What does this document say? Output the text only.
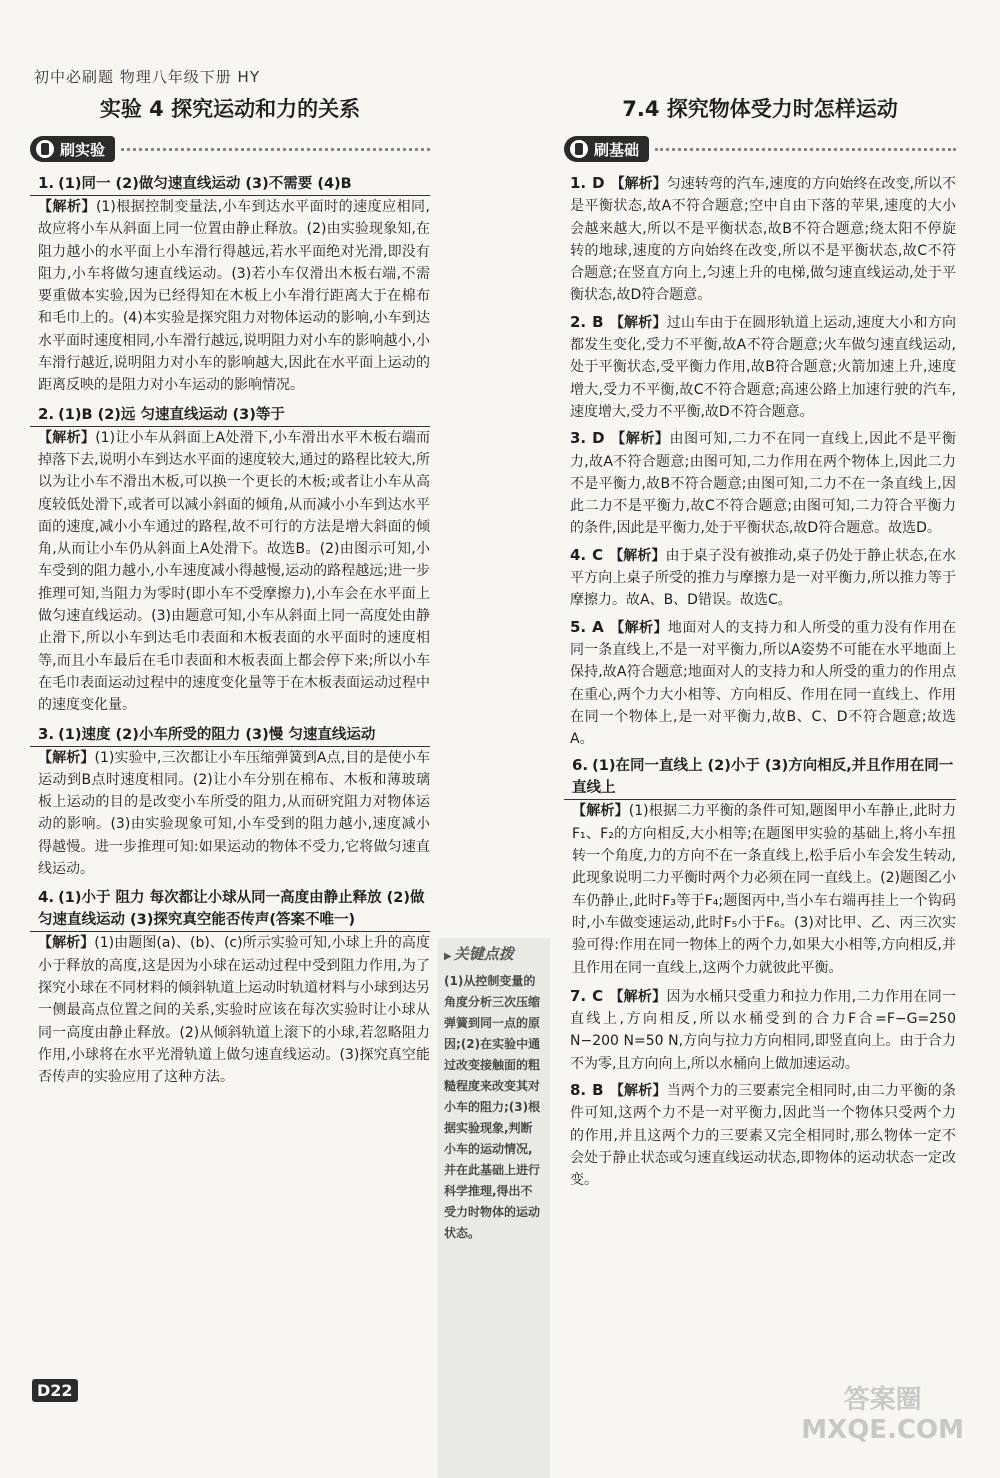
初中必刷题 物理八年级下册 HY
实验 4 探究运动和力的关系
刷实验
1. (1)同一 (2)做匀速直线运动 (3)不需要 (4)B
【解析】(1)根据控制变量法,小车到达水平面时的速度应相同,故应将小车从斜面上同一位置由静止释放。(2)由实验现象知,在阻力越小的水平面上小车滑行得越远,若水平面绝对光滑,即没有阻力,小车将做匀速直线运动。(3)若小车仅滑出木板右端,不需要重做本实验,因为已经得知在木板上小车滑行距离大于在棉布和毛巾上的。(4)本实验是探究阻力对物体运动的影响,小车到达水平面时速度相同,小车滑行越远,说明阻力对小车的影响越小,小车滑行越近,说明阻力对小车的影响越大,因此在水平面上运动的距离反映的是阻力对小车运动的影响情况。
2. (1)B (2)远 匀速直线运动 (3)等于
【解析】(1)让小车从斜面上A处滑下,小车滑出水平木板右端而掉落下去,说明小车到达水平面的速度较大,通过的路程比较大,所以为让小车不滑出木板,可以换一个更长的木板;或者让小车从高度较低处滑下,或者可以减小斜面的倾角,从而减小小车到达水平面的速度,减小小车通过的路程,故不可行的方法是增大斜面的倾角,从而让小车仍从斜面上A处滑下。故选B。(2)由图示可知,小车受到的阻力越小,小车速度减小得越慢,运动的路程越远;进一步推理可知,当阻力为零时(即小车不受摩擦力),小车会在水平面上做匀速直线运动。(3)由题意可知,小车从斜面上同一高度处由静止滑下,所以小车到达毛巾表面和木板表面的水平面时的速度相等,而且小车最后在毛巾表面和木板表面上都会停下来;所以小车在毛巾表面运动过程中的速度变化量等于在木板表面运动过程中的速度变化量。
3. (1)速度 (2)小车所受的阻力 (3)慢 匀速直线运动
【解析】(1)实验中,三次都让小车压缩弹簧到A点,目的是使小车运动到B点时速度相同。(2)让小车分别在棉布、木板和薄玻璃板上运动的目的是改变小车所受的阻力,从而研究阻力对物体运动的影响。(3)由实验现象可知,小车受到的阻力越小,速度减小得越慢。进一步推理可知:如果运动的物体不受力,它将做匀速直线运动。
4. (1)小于 阻力 每次都让小球从同一高度由静止释放 (2)做匀速直线运动 (3)探究真空能否传声(答案不唯一)
【解析】(1)由题图(a)、(b)、(c)所示实验可知,小球上升的高度小于释放的高度,这是因为小球在运动过程中受到阻力作用,为了探究小球在不同材料的倾斜轨道上运动时轨道材料与小球到达另一侧最高点位置之间的关系,实验时应该在每次实验时让小球从同一高度由静止释放。(2)从倾斜轨道上滚下的小球,若忽略阻力作用,小球将在水平光滑轨道上做匀速直线运动。(3)探究真空能否传声的实验应用了这种方法。
▶ 关键点拨
(1)从控制变量的角度分析三次压缩弹簧到同一点的原因;(2)在实验中通过改变接触面的粗糙程度来改变其对小车的阻力;(3)根据实验现象,判断小车的运动情况,并在此基础上进行科学推理,得出不受力时物体的运动状态。
7.4 探究物体受力时怎样运动
刷基础
1. D 【解析】匀速转弯的汽车,速度的方向始终在改变,所以不是平衡状态,故A不符合题意;空中自由下落的苹果,速度的大小会越来越大,所以不是平衡状态,故B不符合题意;绕太阳不停旋转的地球,速度的方向始终在改变,所以不是平衡状态,故C不符合题意;在竖直方向上,匀速上升的电梯,做匀速直线运动,处于平衡状态,故D符合题意。
2. B 【解析】过山车由于在圆形轨道上运动,速度大小和方向都发生变化,受力不平衡,故A不符合题意;火车做匀速直线运动,处于平衡状态,受平衡力作用,故B符合题意;火箭加速上升,速度增大,受力不平衡,故C不符合题意;高速公路上加速行驶的汽车,速度增大,受力不平衡,故D不符合题意。
3. D 【解析】由图可知,二力不在同一直线上,因此不是平衡力,故A不符合题意;由图可知,二力作用在两个物体上,因此二力不是平衡力,故B不符合题意;由图可知,二力不在一条直线上,因此二力不是平衡力,故C不符合题意;由图可知,二力符合平衡力的条件,因此是平衡力,处于平衡状态,故D符合题意。故选D。
4. C 【解析】由于桌子没有被推动,桌子仍处于静止状态,在水平方向上桌子所受的推力与摩擦力是一对平衡力,所以推力等于摩擦力。故A、B、D错误。故选C。
5. A 【解析】地面对人的支持力和人所受的重力没有作用在同一条直线上,不是一对平衡力,所以A姿势不可能在水平地面上保持,故A符合题意;地面对人的支持力和人所受的重力的作用点在重心,两个力大小相等、方向相反、作用在同一直线上、作用在同一个物体上,是一对平衡力,故B、C、D不符合题意;故选A。
6. (1)在同一直线上 (2)小于 (3)方向相反,并且作用在同一直线上
【解析】(1)根据二力平衡的条件可知,题图甲小车静止,此时力F₁、F₂的方向相反,大小相等;在题图甲实验的基础上,将小车扭转一个角度,力的方向不在一条直线上,松手后小车会发生转动,此现象说明二力平衡时两个力必须在同一直线上。(2)题图乙小车仍静止,此时F₃等于F₄;题图丙中,当小车右端再挂上一个钩码时,小车做变速运动,此时F₅小于F₆。(3)对比甲、乙、丙三次实验可得:作用在同一物体上的两个力,如果大小相等,方向相反,并且作用在同一直线上,这两个力就彼此平衡。
7. C 【解析】因为水桶只受重力和拉力作用,二力作用在同一直线上,方向相反,所以水桶受到的合力F合=F−G=250 N−200 N=50 N,方向与拉力方向相同,即竖直向上。由于合力不为零,且方向向上,所以水桶向上做加速运动。
8. B 【解析】当两个力的三要素完全相同时,由二力平衡的条件可知,这两个力不是一对平衡力,因此当一个物体只受两个力的作用,并且这两个力的三要素又完全相同时,那么物体一定不会处于静止状态或匀速直线运动状态,即物体的运动状态一定改变。
D22	答案圈
MXQE.COM
